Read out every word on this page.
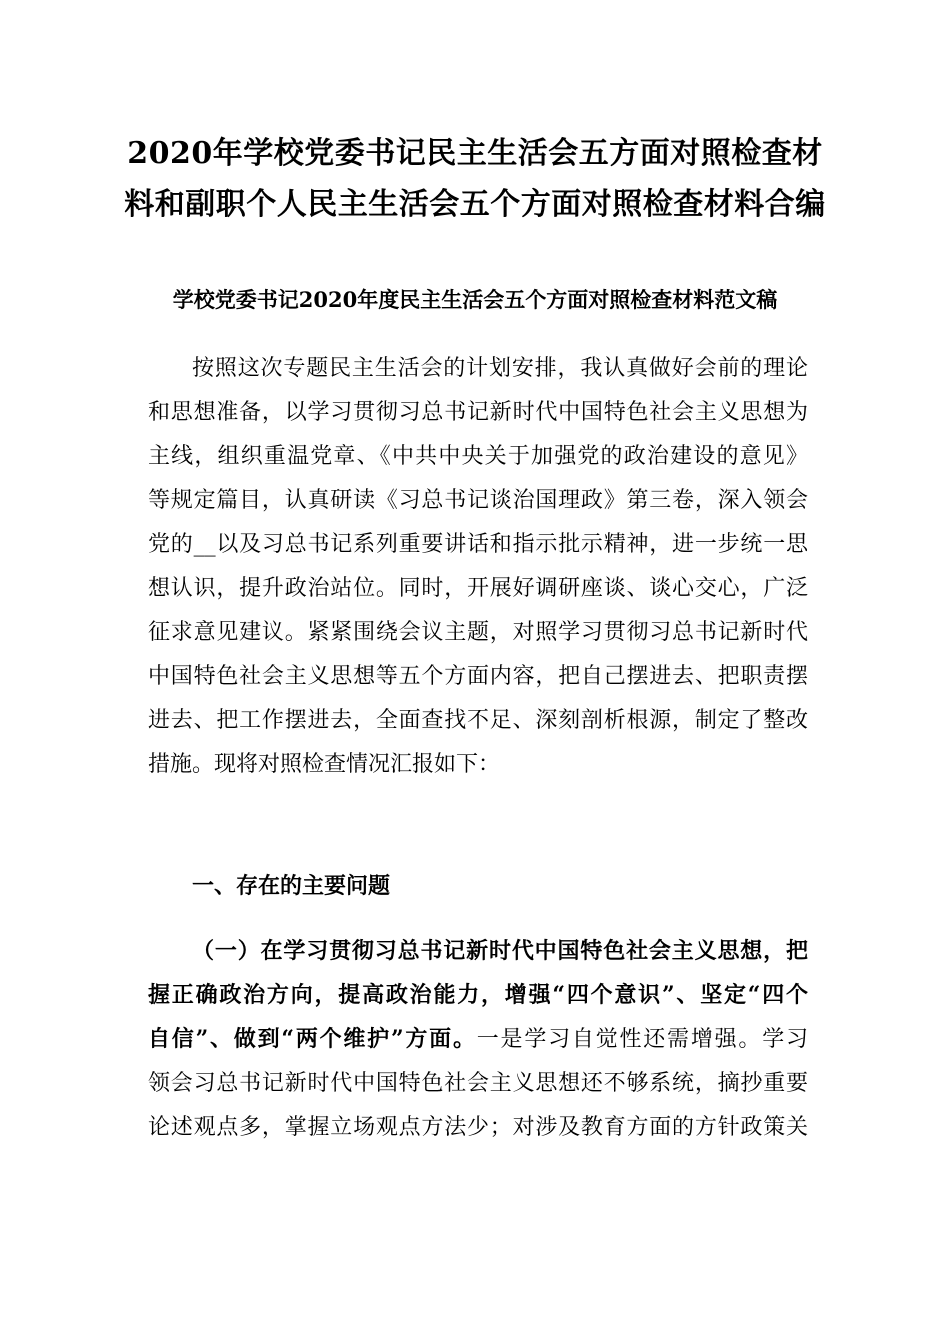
2020年学校党委书记民主生活会五方面对照检查材
料和副职个人民主生活会五个方面对照检查材料合编
学校党委书记2020年度民主生活会五个方面对照检查材料范文稿
按照这次专题民主生活会的计划安排，我认真做好会前的理论
和思想准备，以学习贯彻习总书记新时代中国特色社会主义思想为
主线，组织重温党章、《中共中央关于加强党的政治建设的意见》
等规定篇目，认真研读《习总书记谈治国理政》第三卷，深入领会
党的__以及习总书记系列重要讲话和指示批示精神，进一步统一思
想认识，提升政治站位。同时，开展好调研座谈、谈心交心，广泛
征求意见建议。紧紧围绕会议主题，对照学习贯彻习总书记新时代
中国特色社会主义思想等五个方面内容，把自己摆进去、把职责摆
进去、把工作摆进去，全面查找不足、深刻剖析根源，制定了整改
措施。现将对照检查情况汇报如下：
一、存在的主要问题
（一）在学习贯彻习总书记新时代中国特色社会主义思想，把
握正确政治方向，提高政治能力，增强“四个意识”、坚定“四个
自信”、做到“两个维护”方面。一是学习自觉性还需增强。学习
领会习总书记新时代中国特色社会主义思想还不够系统，摘抄重要
论述观点多，掌握立场观点方法少；对涉及教育方面的方针政策关
